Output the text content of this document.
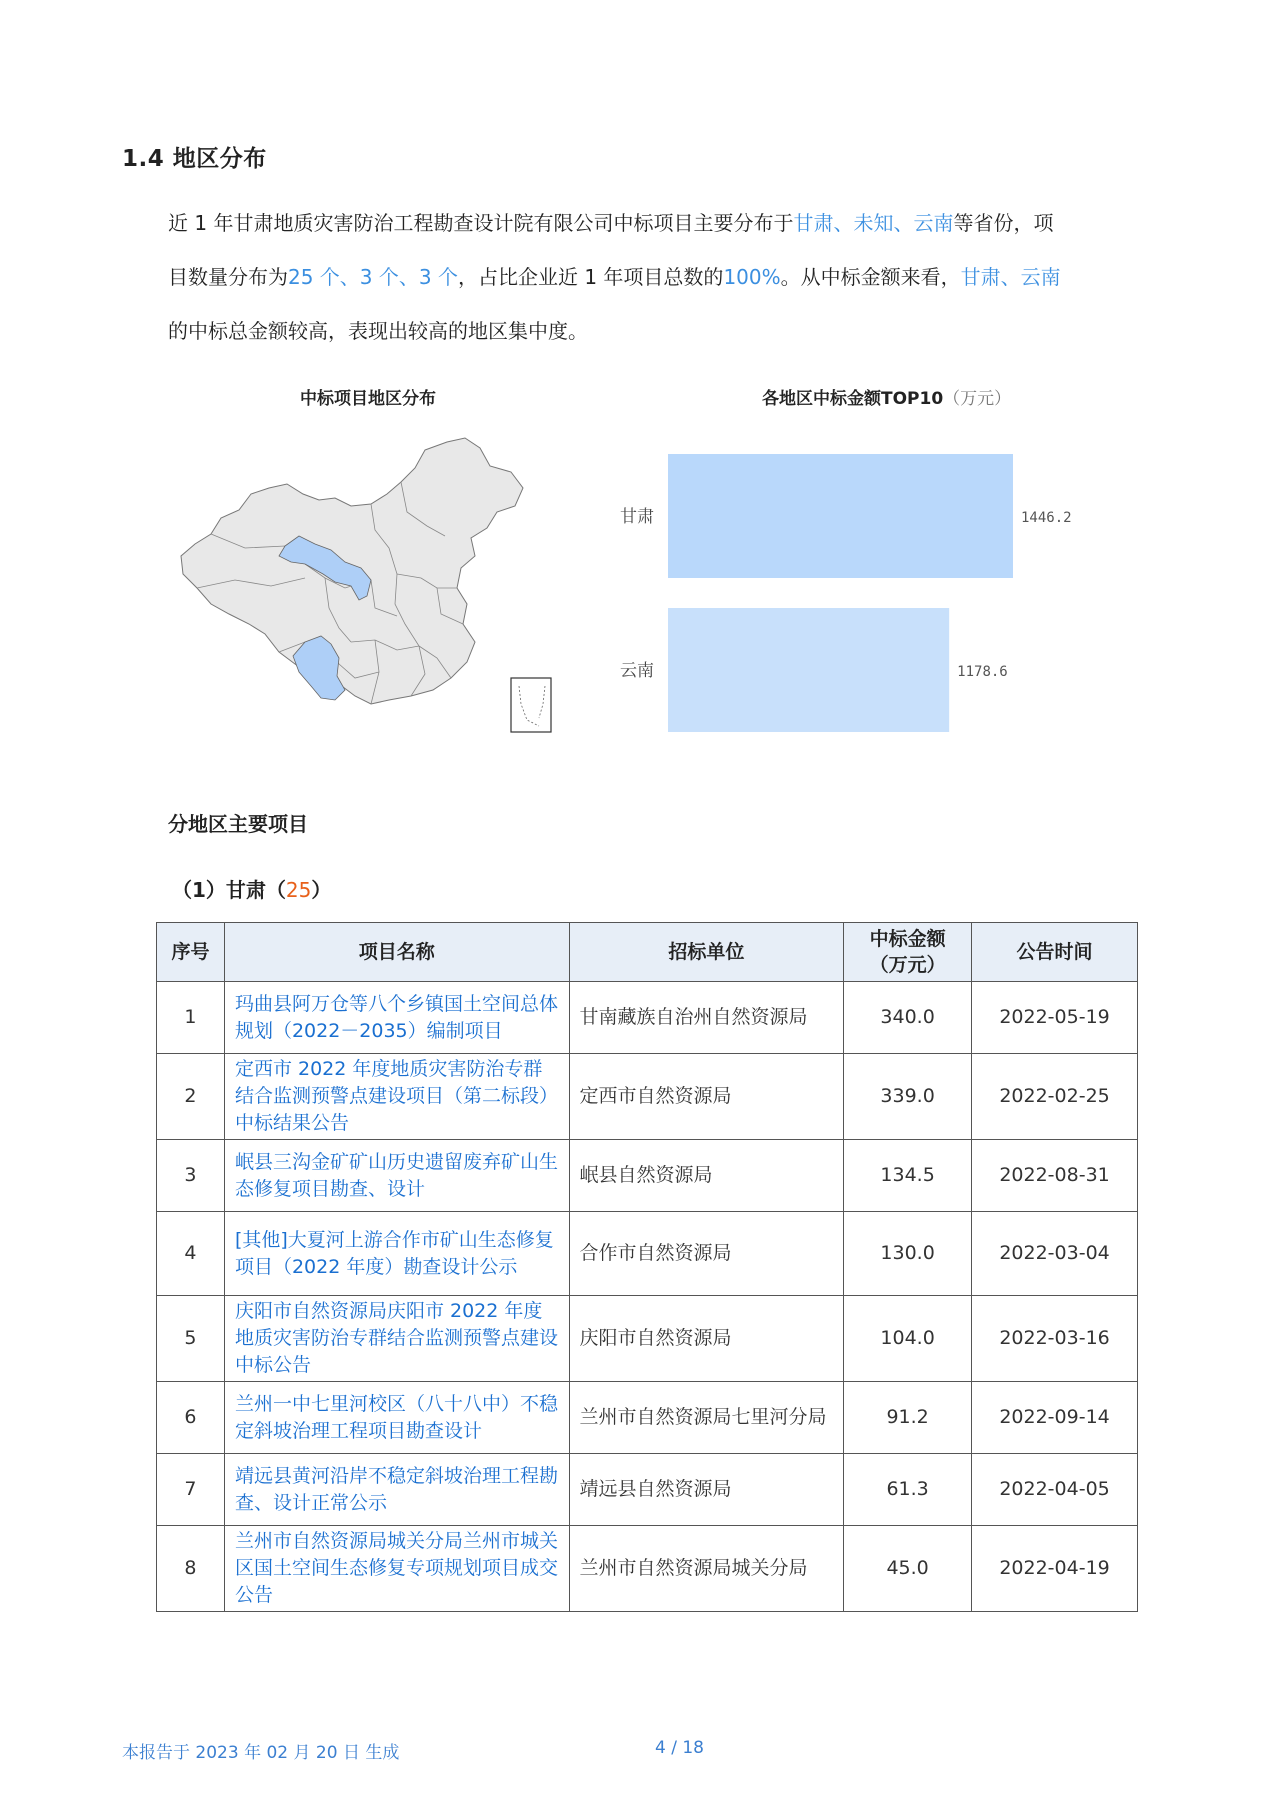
1.4 地区分布
近 1 年甘肃地质灾害防治工程勘查设计院有限公司中标项目主要分布于甘肃、未知、云南等省份，项
目数量分布为25 个、3 个、3 个，占比企业近 1 年项目总数的100%。从中标金额来看，甘肃、云南
的中标总金额较高，表现出较高的地区集中度。
中标项目地区分布	各地区中标金额TOP10（万元）
甘肃	1446.2
云南	1178.6
分地区主要项目
（1）甘肃（25）
序号	项目名称	招标单位	中标金额（万元）	公告时间
1	玛曲县阿万仓等八个乡镇国土空间总体规划（2022－2035）编制项目	甘南藏族自治州自然资源局	340.0	2022-05-19
2	定西市 2022 年度地质灾害防治专群结合监测预警点建设项目（第二标段）中标结果公告	定西市自然资源局	339.0	2022-02-25
3	岷县三沟金矿矿山历史遗留废弃矿山生态修复项目勘查、设计	岷县自然资源局	134.5	2022-08-31
4	[其他]大夏河上游合作市矿山生态修复项目（2022 年度）勘查设计公示	合作市自然资源局	130.0	2022-03-04
5	庆阳市自然资源局庆阳市 2022 年度地质灾害防治专群结合监测预警点建设中标公告	庆阳市自然资源局	104.0	2022-03-16
6	兰州一中七里河校区（八十八中）不稳定斜坡治理工程项目勘查设计	兰州市自然资源局七里河分局	91.2	2022-09-14
7	靖远县黄河沿岸不稳定斜坡治理工程勘查、设计正常公示	靖远县自然资源局	61.3	2022-04-05
8	兰州市自然资源局城关分局兰州市城关区国土空间生态修复专项规划项目成交公告	兰州市自然资源局城关分局	45.0	2022-04-19
本报告于 2023 年 02 月 20 日 生成	4 / 18
